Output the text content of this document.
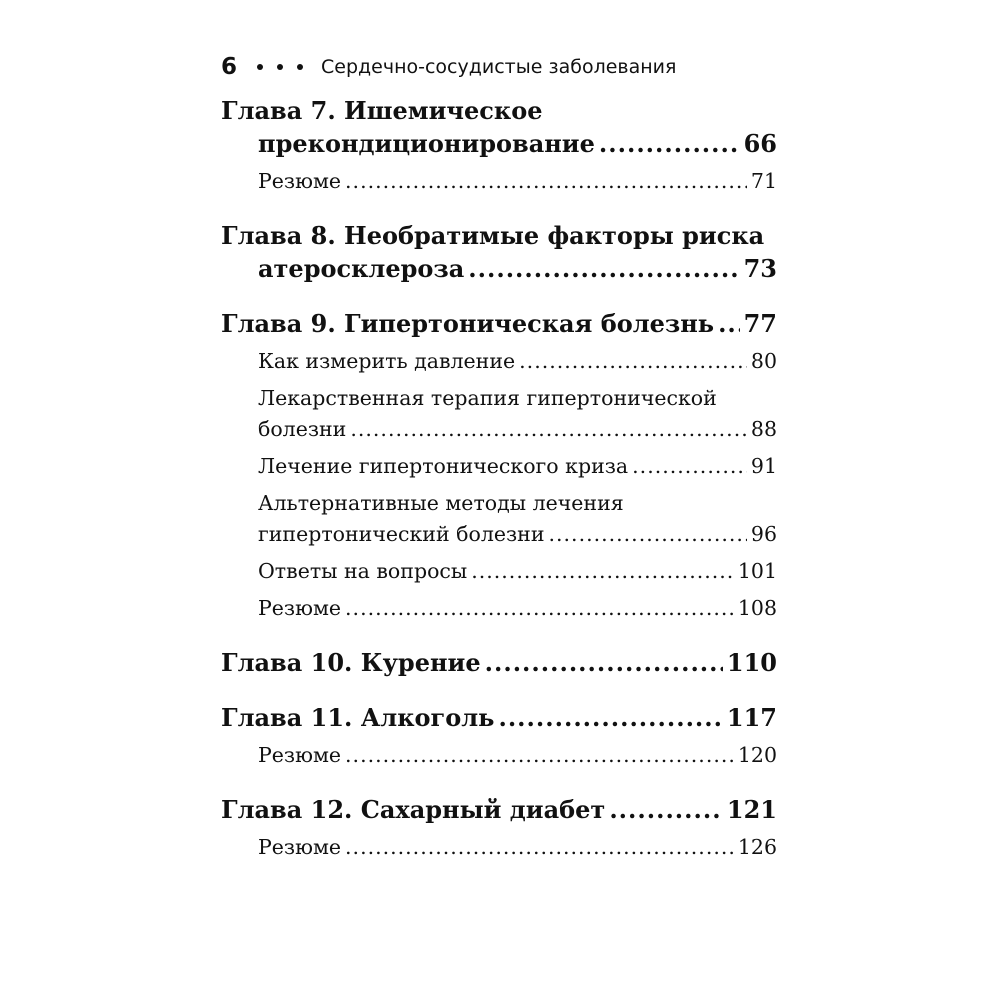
6	Сердечно-сосудистые заболевания
Глава 7. Ишемическое
прекондиционирование .....	66
Резюме .....	71
Глава 8. Необратимые факторы риска
атеросклероза .....	73
Глава 9. Гипертоническая болезнь ..... 77
Как измерить давление .....	80
Лекарственная терапия гипертонической
болезни .....	88
Лечение гипертонического криза .....	91
Альтернативные методы лечения
гипертонический болезни .....	96
Ответы на вопросы .....	101
Резюме .....	108
Глава 10. Курение .....	110
Глава 11. Алкоголь .....	117
Резюме .....	120
Глава 12. Сахарный диабет .....	121
Резюме .....	126
